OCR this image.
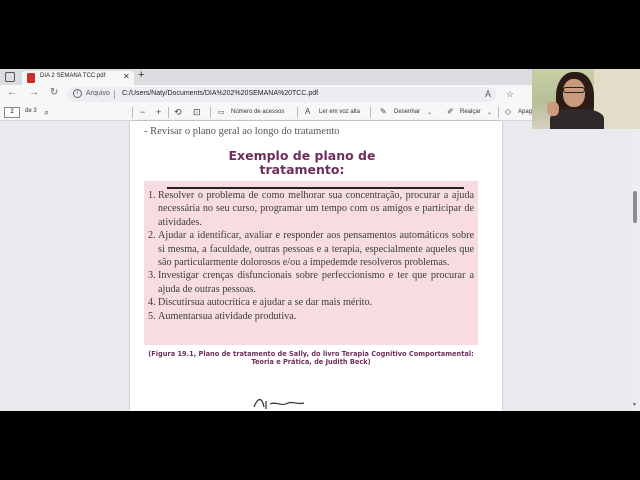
DIA 2 SEMANA TCC.pdf ✕ +
← → ↻	i	Arquivo C:/Users/Naty/Documents/DIA%202%20SEMANA%20TCC.pdf	A ☆
2	de 3 ⌕	− + ⟲ ⊡ ▭ Número de acessos	A Ler em voz alta ✎ Desenhar ⌄ ✐ Realçar ⌄ ◇ Apag
- Revisar o plano geral ao longo do tratamento
Exemplo de plano de
tratamento:
1. Resolver o problema de como melhorar sua concentração, procurar a ajuda necessária no seu curso, programar um tempo com os amigos e participar de atividades.
2. Ajudar a identificar, avaliar e responder aos pensamentos automáticos sobre si mesma, a faculdade, outras pessoas e a terapia, especialmente aqueles que são particularmente dolorosos e/ou a impedemde resolveros problemas.
3. Investigar crenças disfuncionais sobre perfeccionismo e ter que procurar a ajuda de outras pessoas.
4. Discutirsua autocrítica e ajudar a se dar mais mérito.
5. Aumentarsua atividade produtiva.
(Figura 19.1, Plano de tratamento de Sally, do livro Terapia Cognitivo Comportamental: Teoria e Prática, de Judith Beck)
▼
